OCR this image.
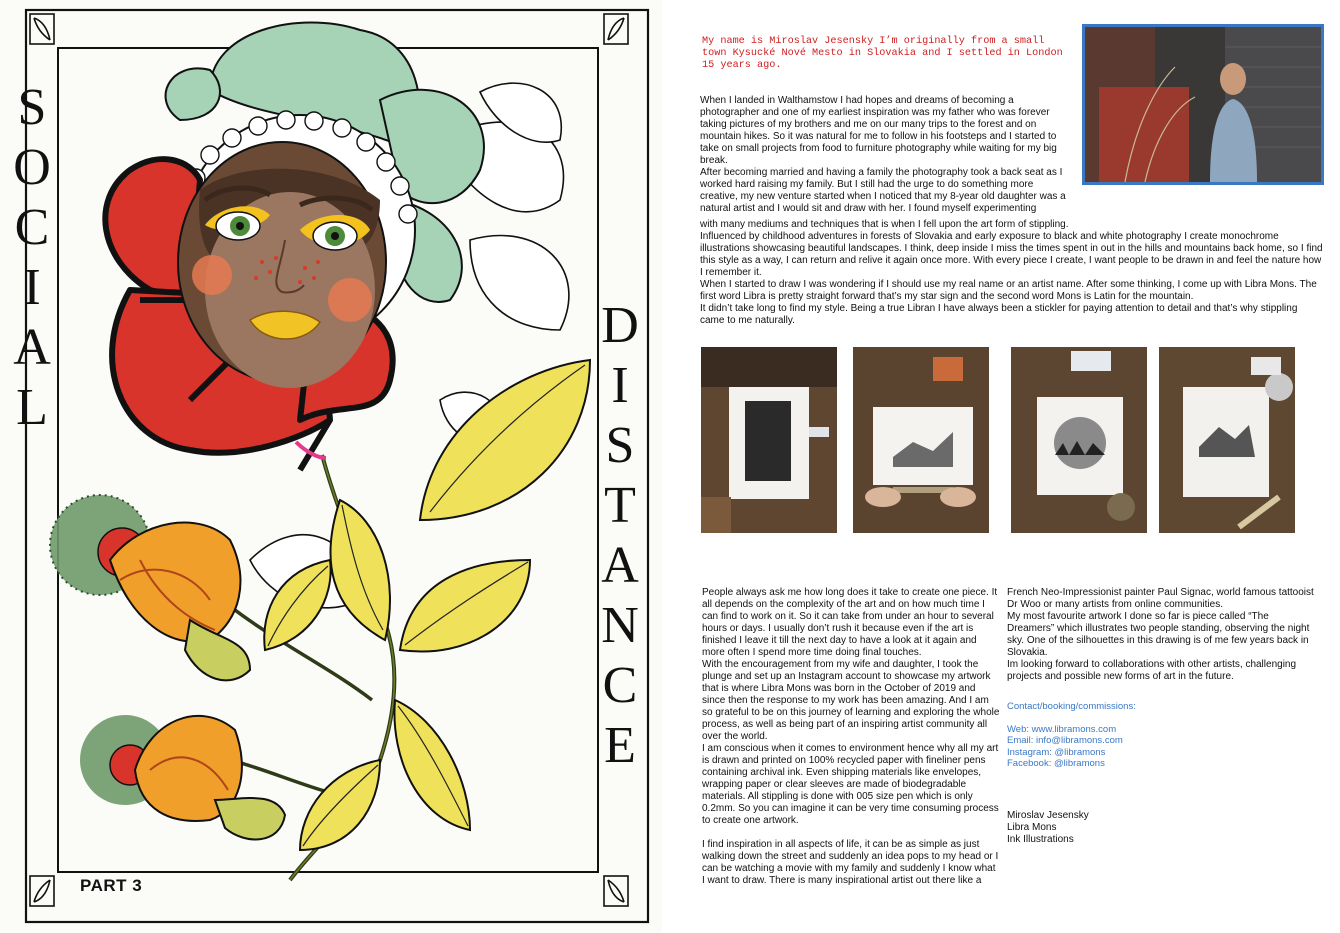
S
O
C
I
A
L
D
I
S
T
A
N
C
E
PART 3

My name is Miroslav Jesensky I’m originally from a small town Kysucké Nové Mesto in Slovakia and I settled in London 15 years ago.

When I landed in Walthamstow I had hopes and dreams of becoming a photographer and one of my earliest inspiration was my father who was forever taking pictures of my brothers and me on our many trips to the forest and on mountain hikes. So it was natural for me to follow in his footsteps and I started to take on small projects from food to furniture photography while waiting for my big break.

After becoming married and having a family the photography took a back seat as I worked hard raising my family. But I still had the urge to do something more creative, my new venture started when I noticed that my 8-year old daughter was a natural artist and I would sit and draw with her. I found myself experimenting

with many mediums and techniques that is when I fell upon the art form of stippling.

Influenced by childhood adventures in forests of Slovakia and early exposure to black and white photography I create monochrome illustrations showcasing beautiful landscapes. I think, deep inside I miss the times spent in out in the hills and mountains back home, so I find this style as a way, I can return and relive it again once more. With every piece I create, I want people to be drawn in and feel the nature how I remember it.

When I started to draw I was wondering if I should use my real name or an artist name. After some thinking, I come up with Libra Mons. The first word Libra is pretty straight forward that’s my star sign and the second word Mons is Latin for the mountain.

It didn’t take long to find my style. Being a true Libran I have always been a stickler for paying attention to detail and that’s why stippling came to me naturally.

People always ask me how long does it take to create one piece. It all depends on the complexity of the art and on how much time I can find to work on it. So it can take from under an hour to several hours or days. I usually don’t rush it because even if the art is finished I leave it till the next day to have a look at it again and more often I spend more time doing final touches.

With the encouragement from my wife and daughter, I took the plunge and set up an Instagram account to showcase my artwork that is where Libra Mons was born in the October of 2019 and since then the response to my work has been amazing. And I am so grateful to be on this journey of learning and exploring the whole process, as well as being part of an inspiring artist community all over the world.

I am conscious when it comes to environment hence why all my art is drawn and printed on 100% recycled paper with fineliner pens containing archival ink. Even shipping materials like envelopes, wrapping paper or clear sleeves are made of biodegradable materials. All stippling is done with 005 size pen which is only 0.2mm. So you can imagine it can be very time consuming process to create one artwork.

I find inspiration in all aspects of life, it can be as simple as just walking down the street and suddenly an idea pops to my head or I can be watching a movie with my family and suddenly I know what I want to draw. There is many inspirational artist out there like a

French Neo-Impressionist painter Paul Signac, world famous tattooist Dr Woo or many artists from online communities.

My most favourite artwork I done so far is piece called “The Dreamers” which illustrates two people standing, observing the night sky. One of the silhouettes in this drawing is of me few years back in Slovakia.

Im looking forward to collaborations with other artists, challenging projects and possible new forms of art in the future.

Contact/booking/commissions:

Web: www.libramons.com

Email: info@libramons.com

Instagram: @libramons

Facebook: @libramons

Miroslav Jesensky

Libra Mons

Ink Illustrations
